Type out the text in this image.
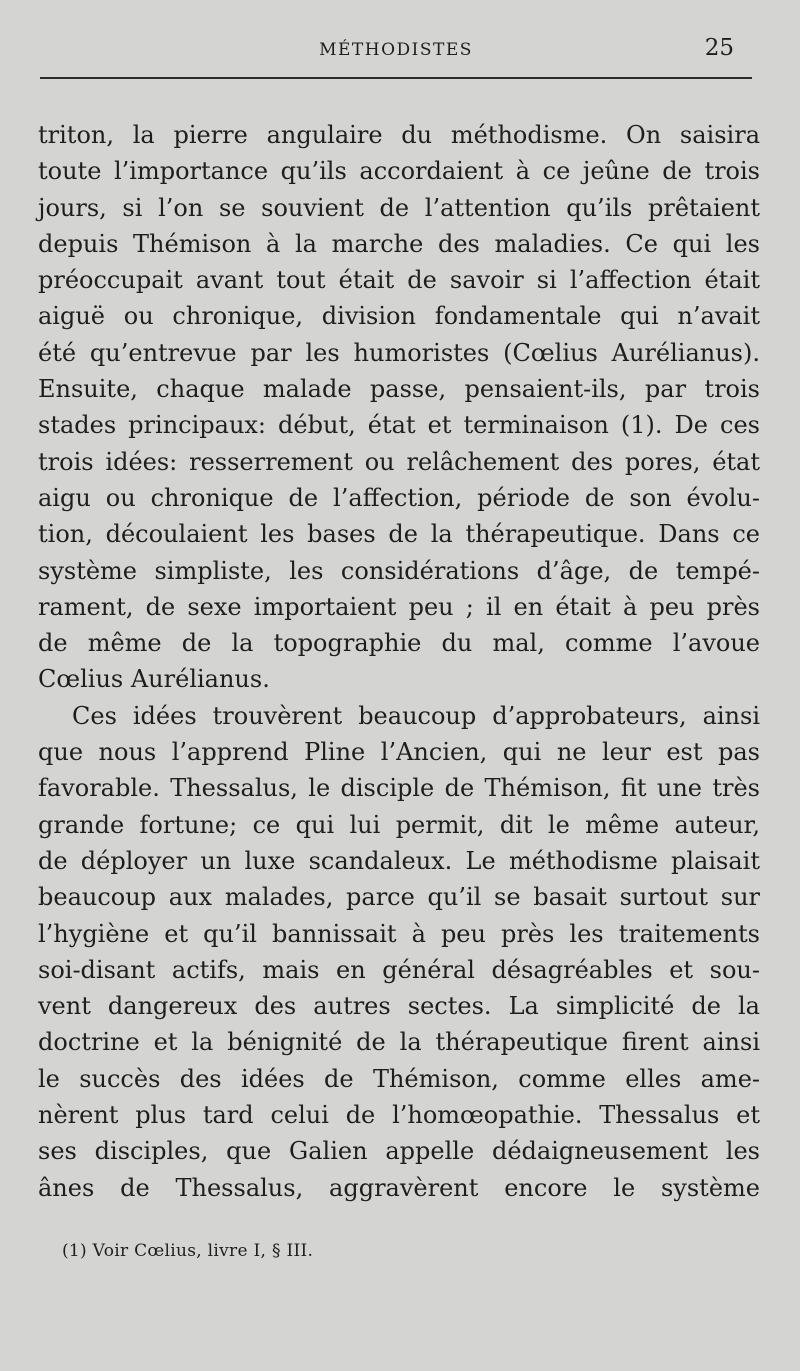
MÉTHODISTES	25
triton, la pierre angulaire du méthodisme. On saisira
toute l’importance qu’ils accordaient à ce jeûne de trois
jours, si l’on se souvient de l’attention qu’ils prêtaient
depuis Thémison à la marche des maladies. Ce qui les
préoccupait avant tout était de savoir si l’affection était
aiguë ou chronique, division fondamentale qui n’avait
été qu’entrevue par les humoristes (Cœlius Aurélianus).
Ensuite, chaque malade passe, pensaient-ils, par trois
stades principaux: début, état et terminaison (1). De ces
trois idées: resserrement ou relâchement des pores, état
aigu ou chronique de l’affection, période de son évolu-
tion, découlaient les bases de la thérapeutique. Dans ce
système simpliste, les considérations d’âge, de tempé-
rament, de sexe importaient peu ; il en était à peu près
de même de la topographie du mal, comme l’avoue
Cœlius Aurélianus.
Ces idées trouvèrent beaucoup d’approbateurs, ainsi
que nous l’apprend Pline l’Ancien, qui ne leur est pas
favorable. Thessalus, le disciple de Thémison, fit une très
grande fortune; ce qui lui permit, dit le même auteur,
de déployer un luxe scandaleux. Le méthodisme plaisait
beaucoup aux malades, parce qu’il se basait surtout sur
l’hygiène et qu’il bannissait à peu près les traitements
soi-disant actifs, mais en général désagréables et sou-
vent dangereux des autres sectes. La simplicité de la
doctrine et la bénignité de la thérapeutique firent ainsi
le succès des idées de Thémison, comme elles ame-
nèrent plus tard celui de l’homœopathie. Thessalus et
ses disciples, que Galien appelle dédaigneusement les
ânes de Thessalus, aggravèrent encore le système
(1) Voir Cœlius, livre I, § III.
